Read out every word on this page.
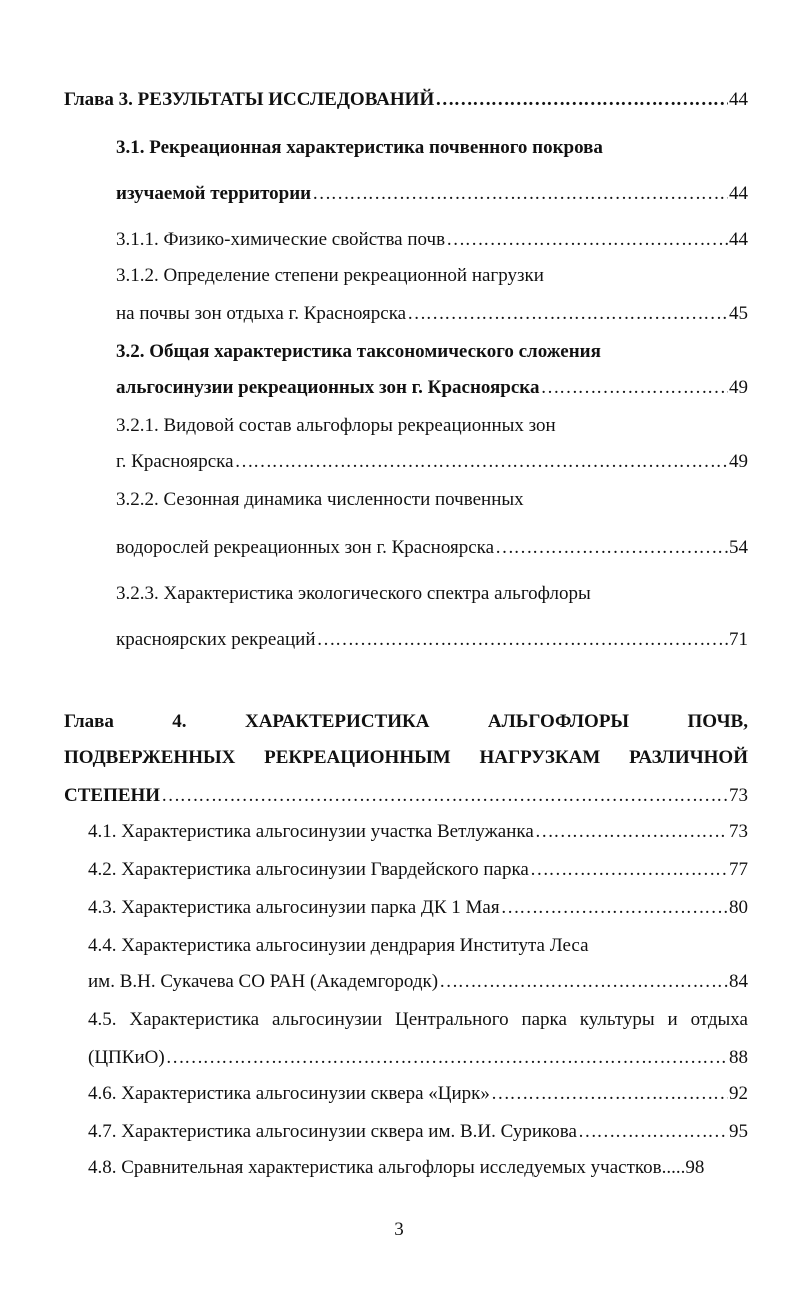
Глава 3. РЕЗУЛЬТАТЫ ИССЛЕДОВАНИЙ ………………………………………………………………………………………………………………………………………………	44
3.1. Рекреационная характеристика почвенного покрова
изучаемой территории ………………………………………………………………………………………………………………………………………………	44
3.1.1. Физико-химические свойства почв ………………………………………………………………………………………………………………………………………………	44
3.1.2. Определение степени рекреационной нагрузки
на почвы зон отдыха г. Красноярска ………………………………………………………………………………………………………………………………………………	45
3.2. Общая характеристика таксономического сложения
альгосинузии рекреационных зон г. Красноярска ………………………………………………………………………………………………………………………………………………	49
3.2.1. Видовой состав альгофлоры рекреационных зон
г. Красноярска ………………………………………………………………………………………………………………………………………………	49
3.2.2. Сезонная динамика численности почвенных
водорослей рекреационных зон г. Красноярска ………………………………………………………………………………………………………………………………………………	54
3.2.3. Характеристика экологического спектра альгофлоры
красноярских рекреаций ………………………………………………………………………………………………………………………………………………	71
Глава	4.	ХАРАКТЕРИСТИКА	АЛЬГОФЛОРЫ	ПОЧВ,
ПОДВЕРЖЕННЫХ РЕКРЕАЦИОННЫМ НАГРУЗКАМ РАЗЛИЧНОЙ
СТЕПЕНИ ………………………………………………………………………………………………………………………………………………	73
4.1. Характеристика альгосинузии участка Ветлужанка ………………………………………………………………………………………………………………………………………………	73
4.2. Характеристика альгосинузии Гвардейского парка ………………………………………………………………………………………………………………………………………………	77
4.3. Характеристика альгосинузии парка ДК 1 Мая ………………………………………………………………………………………………………………………………………………	80
4.4. Характеристика альгосинузии дендрария Института Леса
им. В.Н. Сукачева СО РАН (Академгородк) ………………………………………………………………………………………………………………………………………………	84
4.5. Характеристика альгосинузии Центрального парка культуры и отдыха
(ЦПКиО) ………………………………………………………………………………………………………………………………………………	88
4.6. Характеристика альгосинузии сквера «Цирк» ………………………………………………………………………………………………………………………………………………	92
4.7. Характеристика альгосинузии сквера им. В.И. Сурикова ………………………………………………………………………………………………………………………………………………	95
4.8. Сравнительная характеристика альгофлоры исследуемых участков.....98
3
